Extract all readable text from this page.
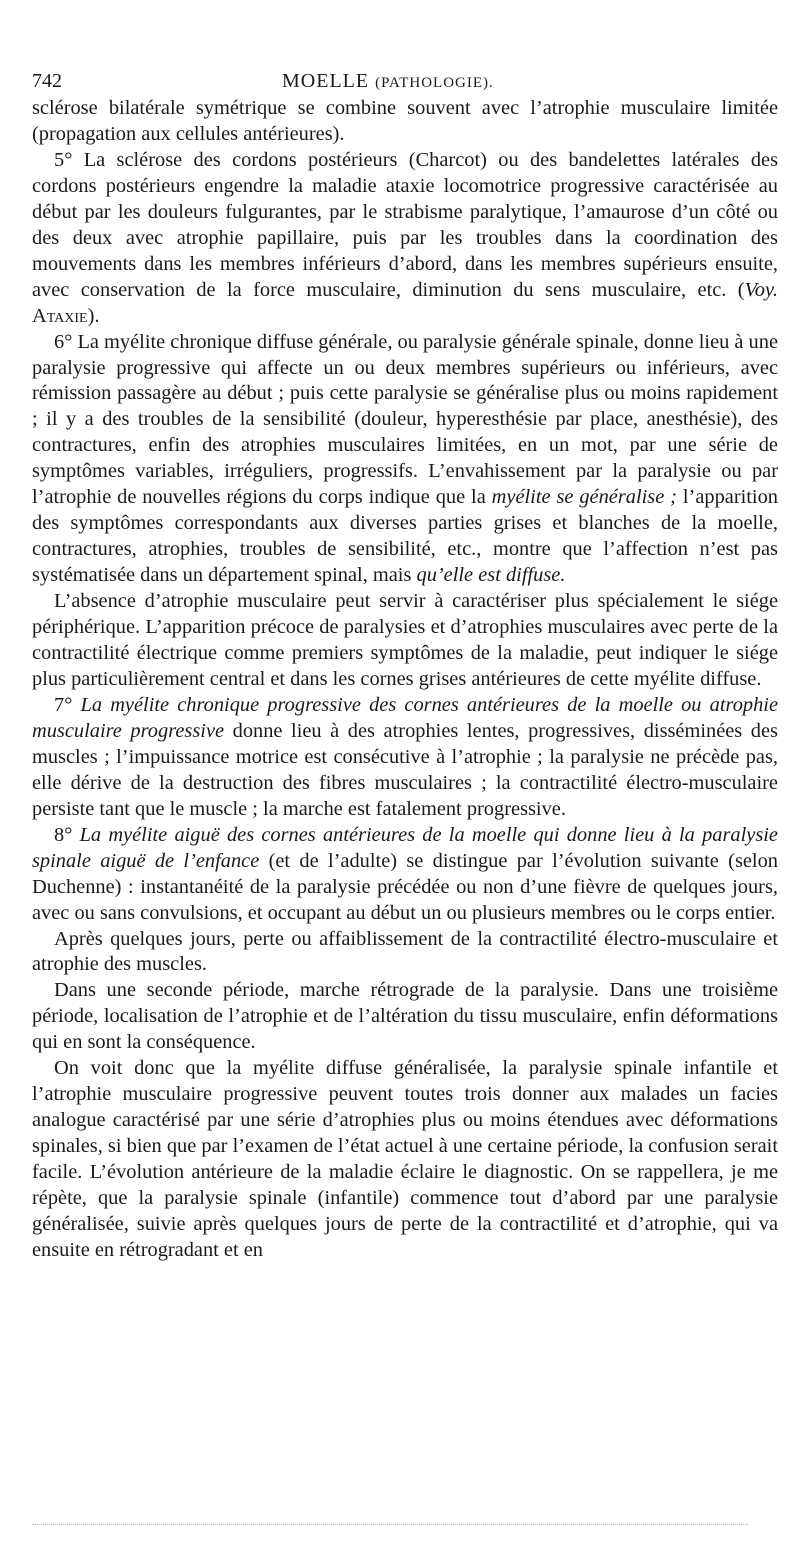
742	MOELLE (PATHOLOGIE).

sclérose bilatérale symétrique se combine souvent avec l’atrophie musculaire limitée (propagation aux cellules antérieures).

5° La sclérose des cordons postérieurs (Charcot) ou des bandelettes latérales des cordons postérieurs engendre la maladie ataxie locomotrice progressive caractérisée au début par les douleurs fulgurantes, par le strabisme paralytique, l’amaurose d’un côté ou des deux avec atrophie papillaire, puis par les troubles dans la coordination des mouvements dans les membres inférieurs d’abord, dans les membres supérieurs ensuite, avec conservation de la force musculaire, diminution du sens musculaire, etc. (Voy. Ataxie).

6° La myélite chronique diffuse générale, ou paralysie générale spinale, donne lieu à une paralysie progressive qui affecte un ou deux membres supérieurs ou inférieurs, avec rémission passagère au début ; puis cette paralysie se généralise plus ou moins rapidement ; il y a des troubles de la sensibilité (douleur, hyperesthésie par place, anesthésie), des contractures, enfin des atrophies musculaires limitées, en un mot, par une série de symptômes variables, irréguliers, progressifs. L’envahissement par la paralysie ou par l’atrophie de nouvelles régions du corps indique que la myélite se généralise ; l’apparition des symptômes correspondants aux diverses parties grises et blanches de la moelle, contractures, atrophies, troubles de sensibilité, etc., montre que l’affection n’est pas systématisée dans un département spinal, mais qu’elle est diffuse.

L’absence d’atrophie musculaire peut servir à caractériser plus spécialement le siége périphérique. L’apparition précoce de paralysies et d’atrophies musculaires avec perte de la contractilité électrique comme premiers symptômes de la maladie, peut indiquer le siége plus particulièrement central et dans les cornes grises antérieures de cette myélite diffuse.

7° La myélite chronique progressive des cornes antérieures de la moelle ou atrophie musculaire progressive donne lieu à des atrophies lentes, progressives, disséminées des muscles ; l’impuissance motrice est consécutive à l’atrophie ; la paralysie ne précède pas, elle dérive de la destruction des fibres musculaires ; la contractilité électro-musculaire persiste tant que le muscle ; la marche est fatalement progressive.

8° La myélite aiguë des cornes antérieures de la moelle qui donne lieu à la paralysie spinale aiguë de l’enfance (et de l’adulte) se distingue par l’évolution suivante (selon Duchenne) : instantanéité de la paralysie précédée ou non d’une fièvre de quelques jours, avec ou sans convulsions, et occupant au début un ou plusieurs membres ou le corps entier.

Après quelques jours, perte ou affaiblissement de la contractilité électro-musculaire et atrophie des muscles.

Dans une seconde période, marche rétrograde de la paralysie. Dans une troisième période, localisation de l’atrophie et de l’altération du tissu musculaire, enfin déformations qui en sont la conséquence.

On voit donc que la myélite diffuse généralisée, la paralysie spinale infantile et l’atrophie musculaire progressive peuvent toutes trois donner aux malades un facies analogue caractérisé par une série d’atrophies plus ou moins étendues avec déformations spinales, si bien que par l’examen de l’état actuel à une certaine période, la confusion serait facile. L’évolution antérieure de la maladie éclaire le diagnostic. On se rappellera, je me répète, que la paralysie spinale (infantile) commence tout d’abord par une paralysie généralisée, suivie après quelques jours de perte de la contractilité et d’atrophie, qui va ensuite en rétrogradant et en
